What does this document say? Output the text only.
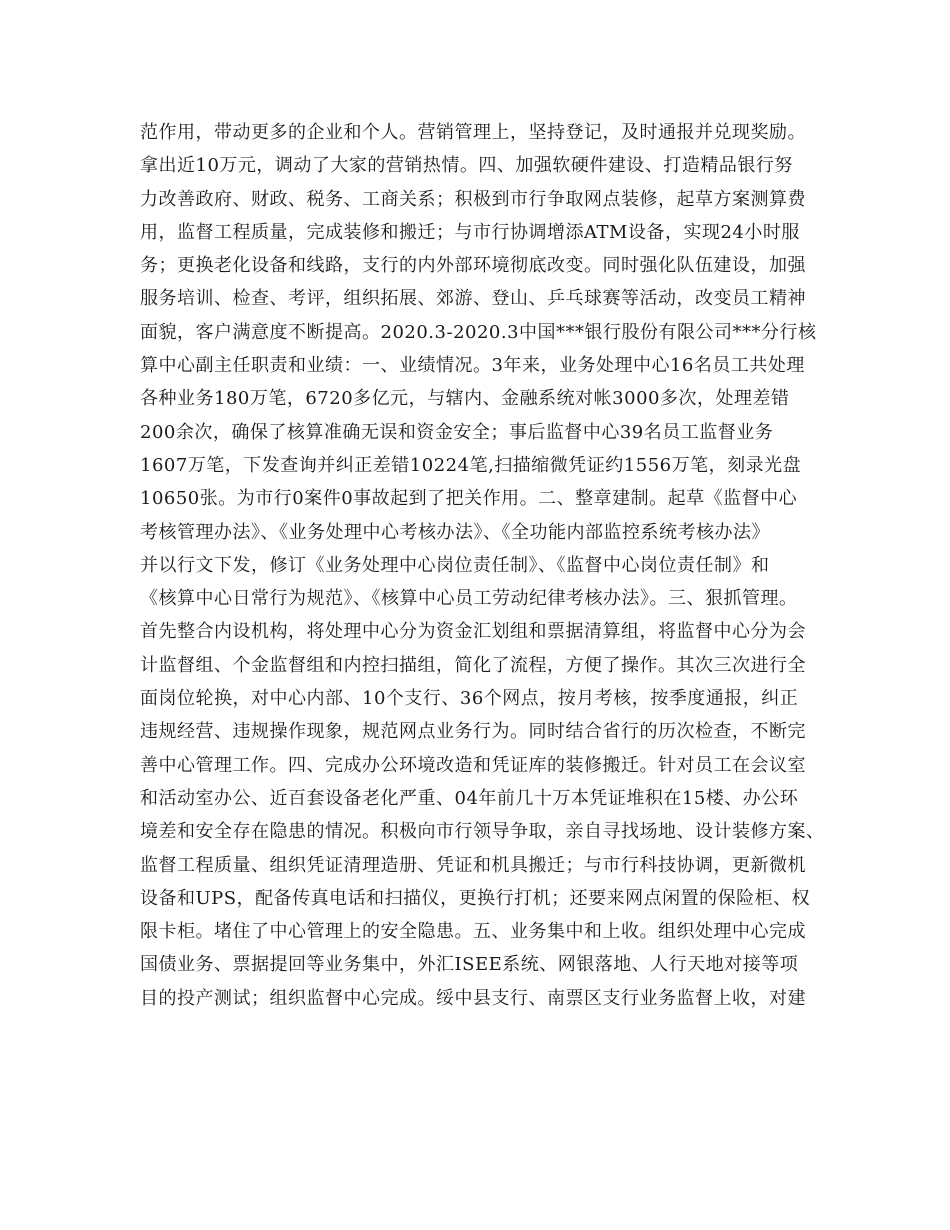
范作用，带动更多的企业和个人。营销管理上，坚持登记，及时通报并兑现奖励。
拿出近10万元，调动了大家的营销热情。四、加强软硬件建设、打造精品银行努
力改善政府、财政、税务、工商关系；积极到市行争取网点装修，起草方案测算费
用，监督工程质量，完成装修和搬迁；与市行协调增添ATM设备，实现24小时服
务；更换老化设备和线路，支行的内外部环境彻底改变。同时强化队伍建设，加强
服务培训、检查、考评，组织拓展、郊游、登山、乒乓球赛等活动，改变员工精神
面貌，客户满意度不断提高。2020.3-2020.3中国***银行股份有限公司***分行核
算中心副主任职责和业绩：一、业绩情况。3年来，业务处理中心16名员工共处理
各种业务180万笔，6720多亿元，与辖内、金融系统对帐3000多次，处理差错
200余次，确保了核算准确无误和资金安全；事后监督中心39名员工监督业务
1607万笔，下发查询并纠正差错10224笔,扫描缩微凭证约1556万笔，刻录光盘
10650张。为市行0案件0事故起到了把关作用。二、整章建制。起草《监督中心
考核管理办法》、《业务处理中心考核办法》、《全功能内部监控系统考核办法》
并以行文下发，修订《业务处理中心岗位责任制》、《监督中心岗位责任制》和
《核算中心日常行为规范》、《核算中心员工劳动纪律考核办法》。三、狠抓管理。
首先整合内设机构，将处理中心分为资金汇划组和票据清算组，将监督中心分为会
计监督组、个金监督组和内控扫描组，简化了流程，方便了操作。其次三次进行全
面岗位轮换，对中心内部、10个支行、36个网点，按月考核，按季度通报，纠正
违规经营、违规操作现象，规范网点业务行为。同时结合省行的历次检查，不断完
善中心管理工作。四、完成办公环境改造和凭证库的装修搬迁。针对员工在会议室
和活动室办公、近百套设备老化严重、04年前几十万本凭证堆积在15楼、办公环
境差和安全存在隐患的情况。积极向市行领导争取，亲自寻找场地、设计装修方案、
监督工程质量、组织凭证清理造册、凭证和机具搬迁；与市行科技协调，更新微机
设备和UPS，配备传真电话和扫描仪，更换行打机；还要来网点闲置的保险柜、权
限卡柜。堵住了中心管理上的安全隐患。五、业务集中和上收。组织处理中心完成
国债业务、票据提回等业务集中，外汇ISEE系统、网银落地、人行天地对接等项
目的投产测试；组织监督中心完成。绥中县支行、南票区支行业务监督上收，对建
